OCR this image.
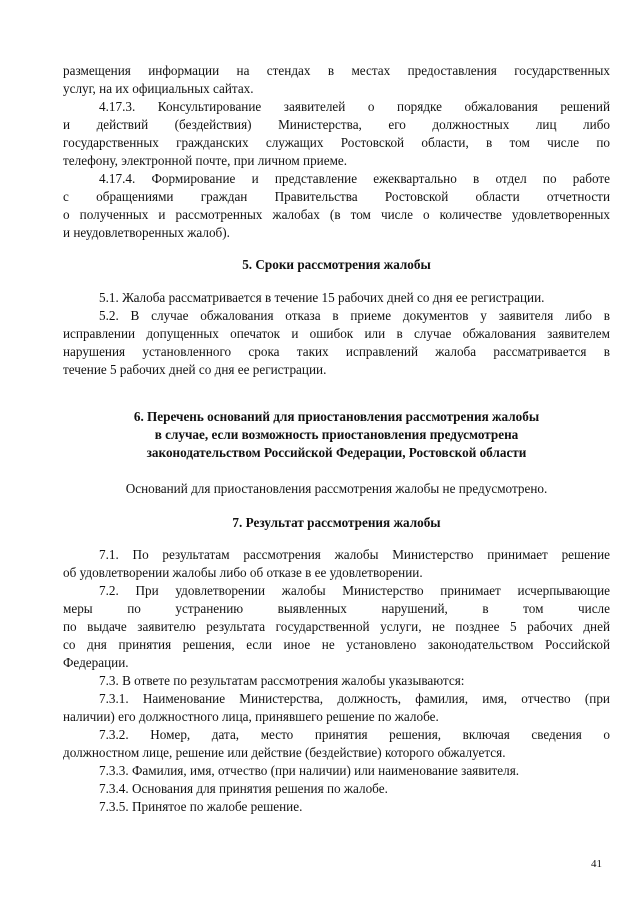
размещения информации на стендах в местах предоставления государственных
услуг, на их официальных сайтах.
4.17.3. Консультирование заявителей о порядке обжалования решений
и действий (бездействия) Министерства, его должностных лиц либо
государственных гражданских служащих Ростовской области, в том числе по
телефону, электронной почте, при личном приеме.
4.17.4. Формирование и представление ежеквартально в отдел по работе
с обращениями граждан Правительства Ростовской области отчетности
о полученных и рассмотренных жалобах (в том числе о количестве удовлетворенных
и неудовлетворенных жалоб).
5. Сроки рассмотрения жалобы
5.1. Жалоба рассматривается в течение 15 рабочих дней со дня ее регистрации.
5.2. В случае обжалования отказа в приеме документов у заявителя либо в
исправлении допущенных опечаток и ошибок или в случае обжалования заявителем
нарушения установленного срока таких исправлений жалоба рассматривается в
течение 5 рабочих дней со дня ее регистрации.
6. Перечень оснований для приостановления рассмотрения жалобы
в случае, если возможность приостановления предусмотрена
законодательством Российской Федерации, Ростовской области
Оснований для приостановления рассмотрения жалобы не предусмотрено.
7. Результат рассмотрения жалобы
7.1. По результатам рассмотрения жалобы Министерство принимает решение
об удовлетворении жалобы либо об отказе в ее удовлетворении.
7.2. При удовлетворении жалобы Министерство принимает исчерпывающие
меры по устранению выявленных нарушений, в том числе
по выдаче заявителю результата государственной услуги, не позднее 5 рабочих дней
со дня принятия решения, если иное не установлено законодательством Российской
Федерации.
7.3. В ответе по результатам рассмотрения жалобы указываются:
7.3.1. Наименование Министерства, должность, фамилия, имя, отчество (при
наличии) его должностного лица, принявшего решение по жалобе.
7.3.2. Номер, дата, место принятия решения, включая сведения о
должностном лице, решение или действие (бездействие) которого обжалуется.
7.3.3. Фамилия, имя, отчество (при наличии) или наименование заявителя.
7.3.4. Основания для принятия решения по жалобе.
7.3.5. Принятое по жалобе решение.
41
